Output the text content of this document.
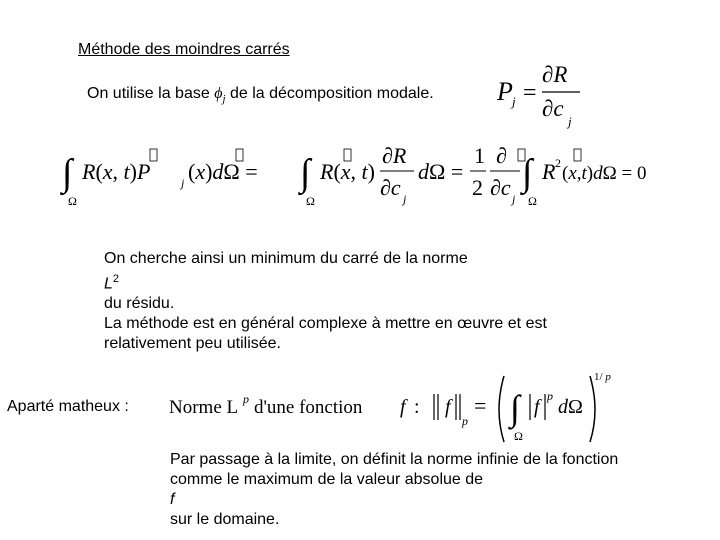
Méthode des moindres carrés
On utilise la base $\phi_j$ de la décomposition modale. P j =
∂R
∂c
j
∫
Ω
R(x, t)P	j (x)dΩ = ∫
Ω
R(x, t)
∂R
∂c j
dΩ =
1
2
∂
∂c j
∫
Ω
R 2 (x,t)dΩ = 0
On cherche ainsi un minimum du carré de la norme
$L^2$
du résidu.
La méthode est en général complexe à mettre en œuvre et est
relativement peu utilisée.
Aparté matheux : Norme L p d'une fonction f : f
p
= ∫
Ω
f p dΩ
1/ p
Par passage à la limite, on définit la norme infinie de la fonction
comme le maximum de la valeur absolue de
f
sur le domaine.
